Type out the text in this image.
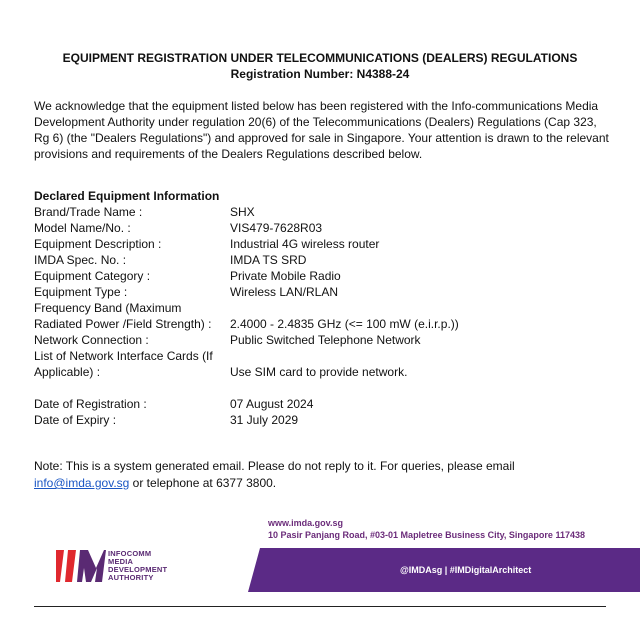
EQUIPMENT REGISTRATION UNDER TELECOMMUNICATIONS (DEALERS) REGULATIONS
Registration Number: N4388-24
We acknowledge that the equipment listed below has been registered with the Info-communications Media Development Authority under regulation 20(6) of the Telecommunications (Dealers) Regulations (Cap 323, Rg 6) (the "Dealers Regulations") and approved for sale in Singapore. Your attention is drawn to the relevant provisions and requirements of the Dealers Regulations described below.
Declared Equipment Information
Brand/Trade Name :	SHX
Model Name/No. :	VIS479-7628R03
Equipment Description :	Industrial 4G wireless router
IMDA Spec. No. :	IMDA TS SRD
Equipment Category :	Private Mobile Radio
Equipment Type :	Wireless LAN/RLAN
Frequency Band (Maximum Radiated Power /Field Strength) :	2.4000 - 2.4835 GHz (<= 100 mW (e.i.r.p.))
Network Connection :	Public Switched Telephone Network
List of Network Interface Cards (If Applicable) :	Use SIM card to provide network.
Date of Registration :	07 August 2024
Date of Expiry :	31 July 2029
Note: This is a system generated email. Please do not reply to it. For queries, please email
info@imda.gov.sg or telephone at 6377 3800.
www.imda.gov.sg
10 Pasir Panjang Road, #03-01 Mapletree Business City, Singapore 117438
INFOCOMM
MEDIA
DEVELOPMENT
AUTHORITY
@IMDAsg | #IMDigitalArchitect
